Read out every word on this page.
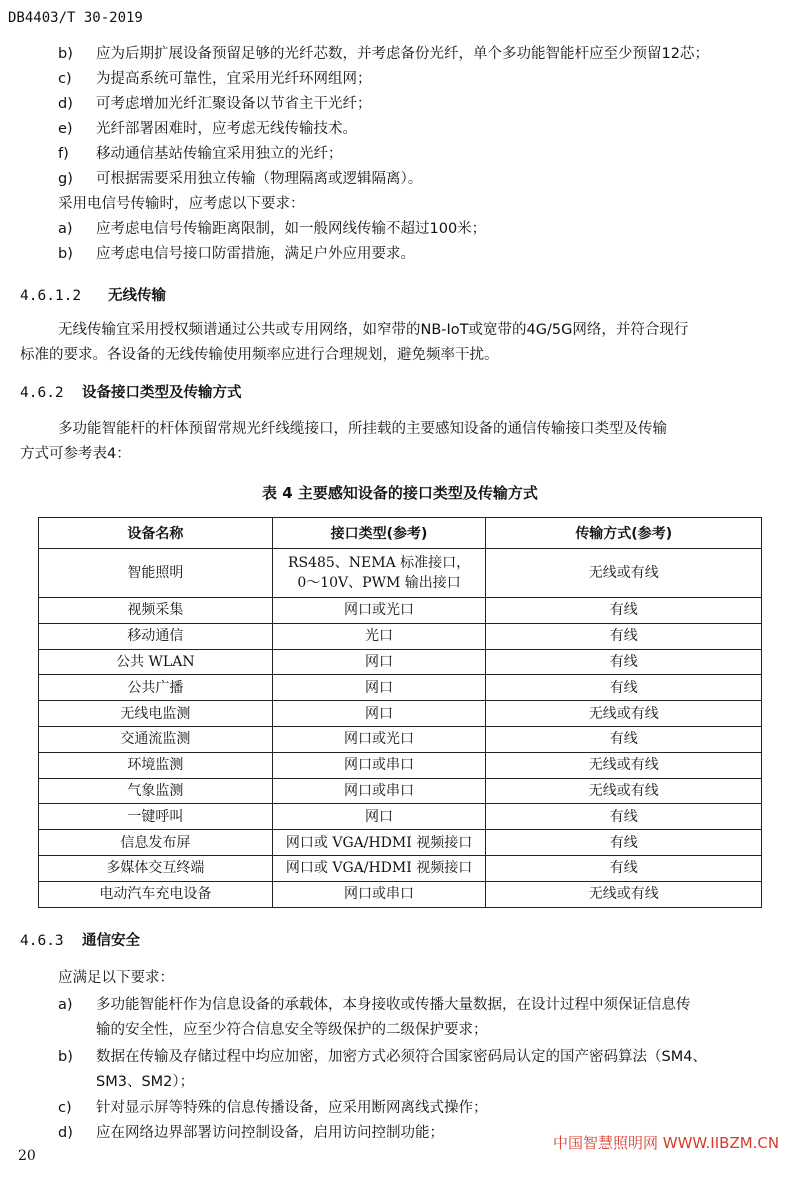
DB4403/T 30-2019
b) 应为后期扩展设备预留足够的光纤芯数，并考虑备份光纤，单个多功能智能杆应至少预留12芯；
c) 为提高系统可靠性，宜采用光纤环网组网；
d) 可考虑增加光纤汇聚设备以节省主干光纤；
e) 光纤部署困难时，应考虑无线传输技术。
f) 移动通信基站传输宜采用独立的光纤；
g) 可根据需要采用独立传输（物理隔离或逻辑隔离）。
采用电信号传输时，应考虑以下要求：
a) 应考虑电信号传输距离限制，如一般网线传输不超过100米；
b) 应考虑电信号接口防雷措施，满足户外应用要求。
4.6.1.2 无线传输
无线传输宜采用授权频谱通过公共或专用网络，如窄带的NB-IoT或宽带的4G/5G网络，并符合现行
标准的要求。各设备的无线传输使用频率应进行合理规划，避免频率干扰。
4.6.2 设备接口类型及传输方式
多功能智能杆的杆体预留常规光纤线缆接口，所挂载的主要感知设备的通信传输接口类型及传输
方式可参考表4：
表 4 主要感知设备的接口类型及传输方式
设备名称	接口类型(参考)	传输方式(参考)
智能照明	RS485、NEMA 标准接口，
0～10V、PWM 输出接口	无线或有线
视频采集	网口或光口	有线
移动通信	光口	有线
公共 WLAN	网口	有线
公共广播	网口	有线
无线电监测	网口	无线或有线
交通流监测	网口或光口	有线
环境监测	网口或串口	无线或有线
气象监测	网口或串口	无线或有线
一键呼叫	网口	有线
信息发布屏	网口或 VGA/HDMI 视频接口	有线
多媒体交互终端	网口或 VGA/HDMI 视频接口	有线
电动汽车充电设备	网口或串口	无线或有线
4.6.3 通信安全
应满足以下要求：
a) 多功能智能杆作为信息设备的承载体，本身接收或传播大量数据，在设计过程中须保证信息传
输的安全性，应至少符合信息安全等级保护的二级保护要求；
b) 数据在传输及存储过程中均应加密，加密方式必须符合国家密码局认定的国产密码算法（SM4、
SM3、SM2）；
c) 针对显示屏等特殊的信息传播设备，应采用断网离线式操作；
d) 应在网络边界部署访问控制设备，启用访问控制功能；
20
中国智慧照明网 WWW.IIBZM.CN
